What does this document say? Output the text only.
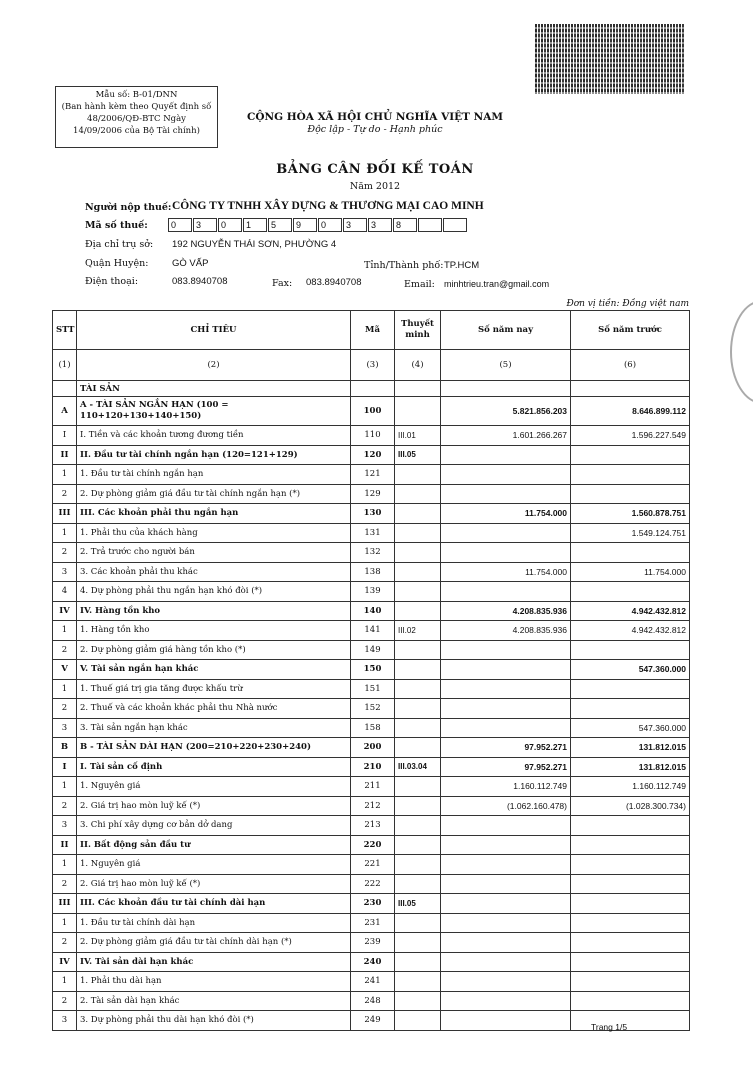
Mẫu số: B-01/DNN
(Ban hành kèm theo Quyết định số
48/2006/QĐ-BTC Ngày
14/09/2006 của Bộ Tài chính)
CỘNG HÒA XÃ HỘI CHỦ NGHĨA VIỆT NAM
Độc lập - Tự do - Hạnh phúc
BẢNG CÂN ĐỐI KẾ TOÁN
Năm 2012
Người nộp thuế: CÔNG TY TNHH XÂY DỰNG & THƯƠNG MẠI CAO MINH
Mã số thuế:	0	3	0	1	5	9	0	3	3	8
Địa chỉ trụ sở: 192 NGUYỄN THÁI SƠN, PHƯỜNG 4
Quận Huyện: GÒ VẤP	Tỉnh/Thành phố: TP.HCM
Điện thoại:	083.8940708	Fax: 083.8940708	Email: minhtrieu.tran@gmail.com
Đơn vị tiền: Đồng việt nam
STT	CHỈ TIÊU	Mã	Thuyết minh	Số năm nay	Số năm trước
(1)	(2)	(3)	(4)	(5)	(6)
	TÀI SẢN				
A	A - TÀI SẢN NGẮN HẠN (100 = 110+120+130+140+150)	100		5.821.856.203	8.646.899.112
I	I. Tiền và các khoản tương đương tiền	110	III.01	1.601.266.267	1.596.227.549
II	II. Đầu tư tài chính ngắn hạn (120=121+129)	120	III.05		
1	1. Đầu tư tài chính ngắn hạn	121			
2	2. Dự phòng giảm giá đầu tư tài chính ngắn hạn (*)	129			
III	III. Các khoản phải thu ngắn hạn	130		11.754.000	1.560.878.751
1	1. Phải thu của khách hàng	131			1.549.124.751
2	2. Trả trước cho người bán	132			
3	3. Các khoản phải thu khác	138		11.754.000	11.754.000
4	4. Dự phòng phải thu ngắn hạn khó đòi (*)	139			
IV	IV. Hàng tồn kho	140		4.208.835.936	4.942.432.812
1	1. Hàng tồn kho	141	III.02	4.208.835.936	4.942.432.812
2	2. Dự phòng giảm giá hàng tồn kho (*)	149			
V	V. Tài sản ngắn hạn khác	150			547.360.000
1	1. Thuế giá trị gia tăng được khấu trừ	151			
2	2. Thuế và các khoản khác phải thu Nhà nước	152			
3	3. Tài sản ngắn hạn khác	158			547.360.000
B	B - TÀI SẢN DÀI HẠN (200=210+220+230+240)	200		97.952.271	131.812.015
I	I. Tài sản cố định	210	III.03.04	97.952.271	131.812.015
1	1. Nguyên giá	211		1.160.112.749	1.160.112.749
2	2. Giá trị hao mòn luỹ kế (*)	212		(1.062.160.478)	(1.028.300.734)
3	3. Chi phí xây dựng cơ bản dở dang	213			
II	II. Bất động sản đầu tư	220			
1	1. Nguyên giá	221			
2	2. Giá trị hao mòn luỹ kế (*)	222			
III	III. Các khoản đầu tư tài chính dài hạn	230	III.05		
1	1. Đầu tư tài chính dài hạn	231			
2	2. Dự phòng giảm giá đầu tư tài chính dài hạn (*)	239			
IV	IV. Tài sản dài hạn khác	240			
1	1. Phải thu dài hạn	241			
2	2. Tài sản dài hạn khác	248			
3	3. Dự phòng phải thu dài hạn khó đòi (*)	249			
Trang 1/5
